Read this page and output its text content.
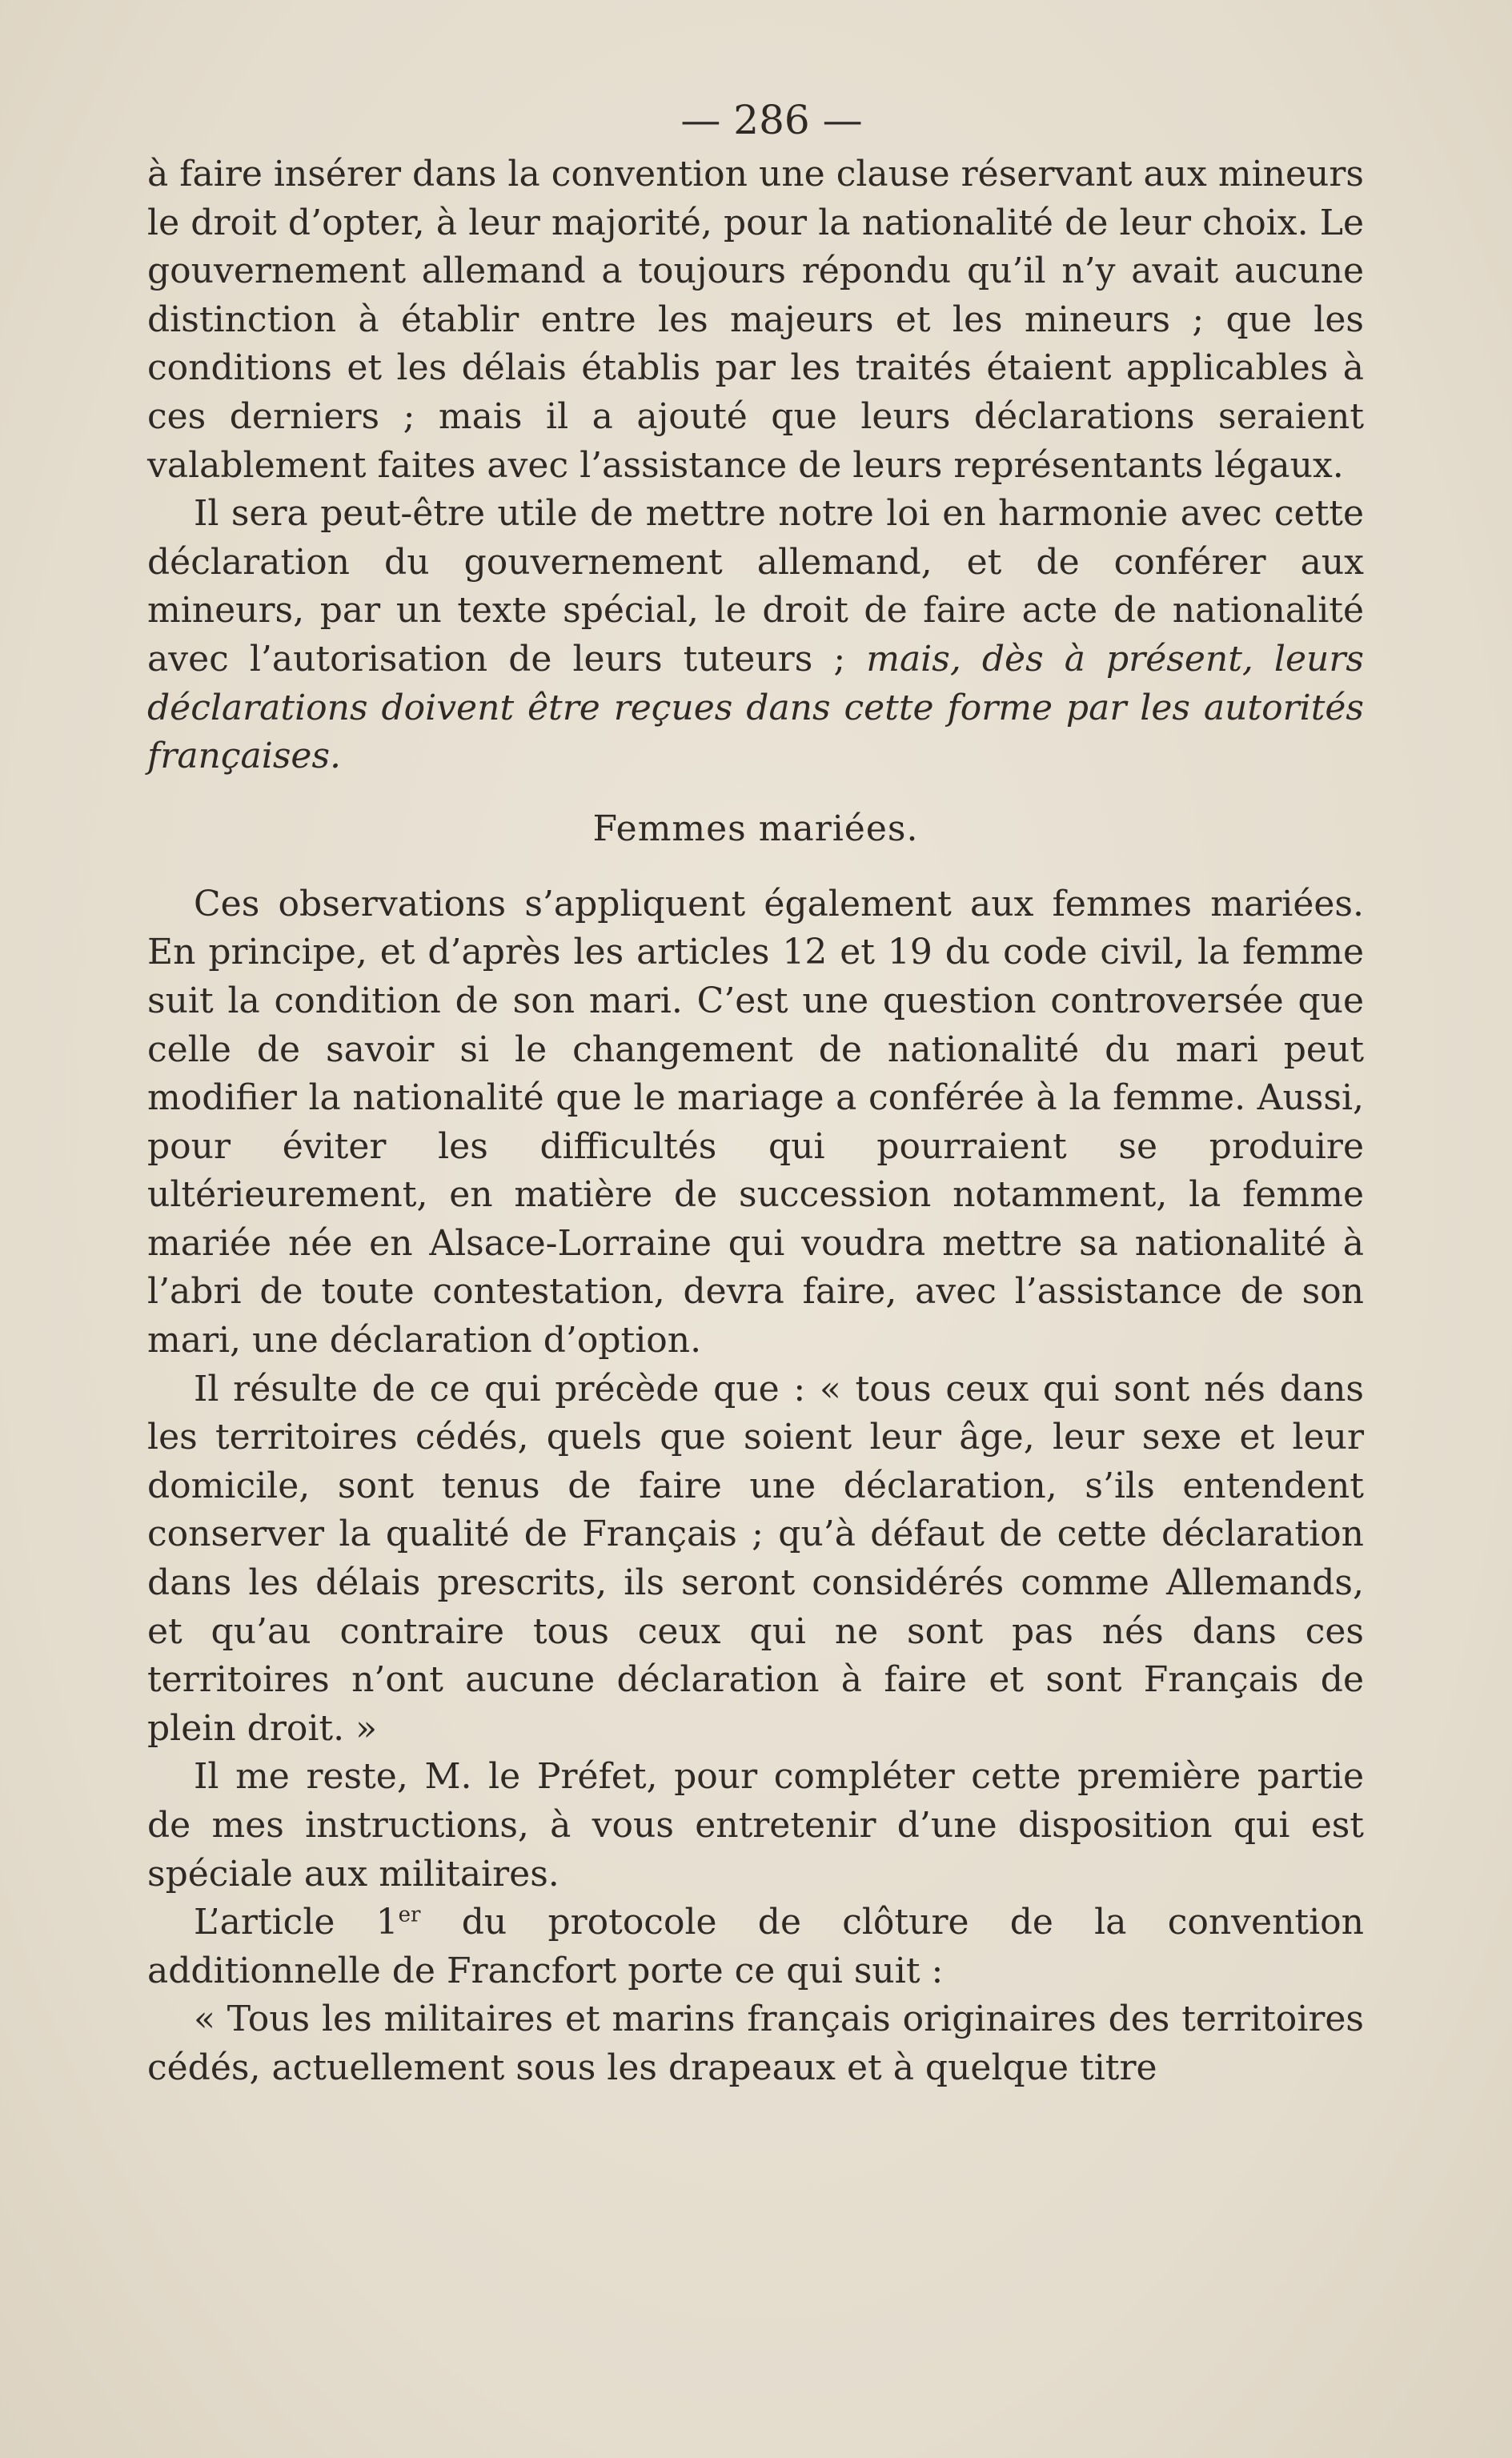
— 286 —

à faire insérer dans la convention une clause réservant aux mineurs le droit d’opter, à leur majorité, pour la nationalité de leur choix. Le gouvernement allemand a toujours répondu qu’il n’y avait aucune distinction à établir entre les majeurs et les mineurs ; que les conditions et les délais établis par les traités étaient applicables à ces derniers ; mais il a ajouté que leurs déclarations seraient valablement faites avec l’assistance de leurs représentants légaux.

Il sera peut-être utile de mettre notre loi en harmonie avec cette déclaration du gouvernement allemand, et de conférer aux mineurs, par un texte spécial, le droit de faire acte de nationalité avec l’autorisation de leurs tuteurs ; mais, dès à présent, leurs déclarations doivent être reçues dans cette forme par les autorités françaises.

Femmes mariées.

Ces observations s’appliquent également aux femmes mariées. En principe, et d’après les articles 12 et 19 du code civil, la femme suit la condition de son mari. C’est une question controversée que celle de savoir si le changement de nationalité du mari peut modifier la nationalité que le mariage a conférée à la femme. Aussi, pour éviter les difficultés qui pourraient se produire ultérieurement, en matière de succession notamment, la femme mariée née en Alsace-Lorraine qui voudra mettre sa nationalité à l’abri de toute contestation, devra faire, avec l’assistance de son mari, une déclaration d’option.

Il résulte de ce qui précède que : « tous ceux qui sont nés dans les territoires cédés, quels que soient leur âge, leur sexe et leur domicile, sont tenus de faire une déclaration, s’ils entendent conserver la qualité de Français ; qu’à défaut de cette déclaration dans les délais prescrits, ils seront considérés comme Allemands, et qu’au contraire tous ceux qui ne sont pas nés dans ces territoires n’ont aucune déclaration à faire et sont Français de plein droit. »

Il me reste, M. le Préfet, pour compléter cette première partie de mes instructions, à vous entretenir d’une disposition qui est spéciale aux militaires.

L’article 1er du protocole de clôture de la convention additionnelle de Francfort porte ce qui suit :

« Tous les militaires et marins français originaires des territoires cédés, actuellement sous les drapeaux et à quelque titre
